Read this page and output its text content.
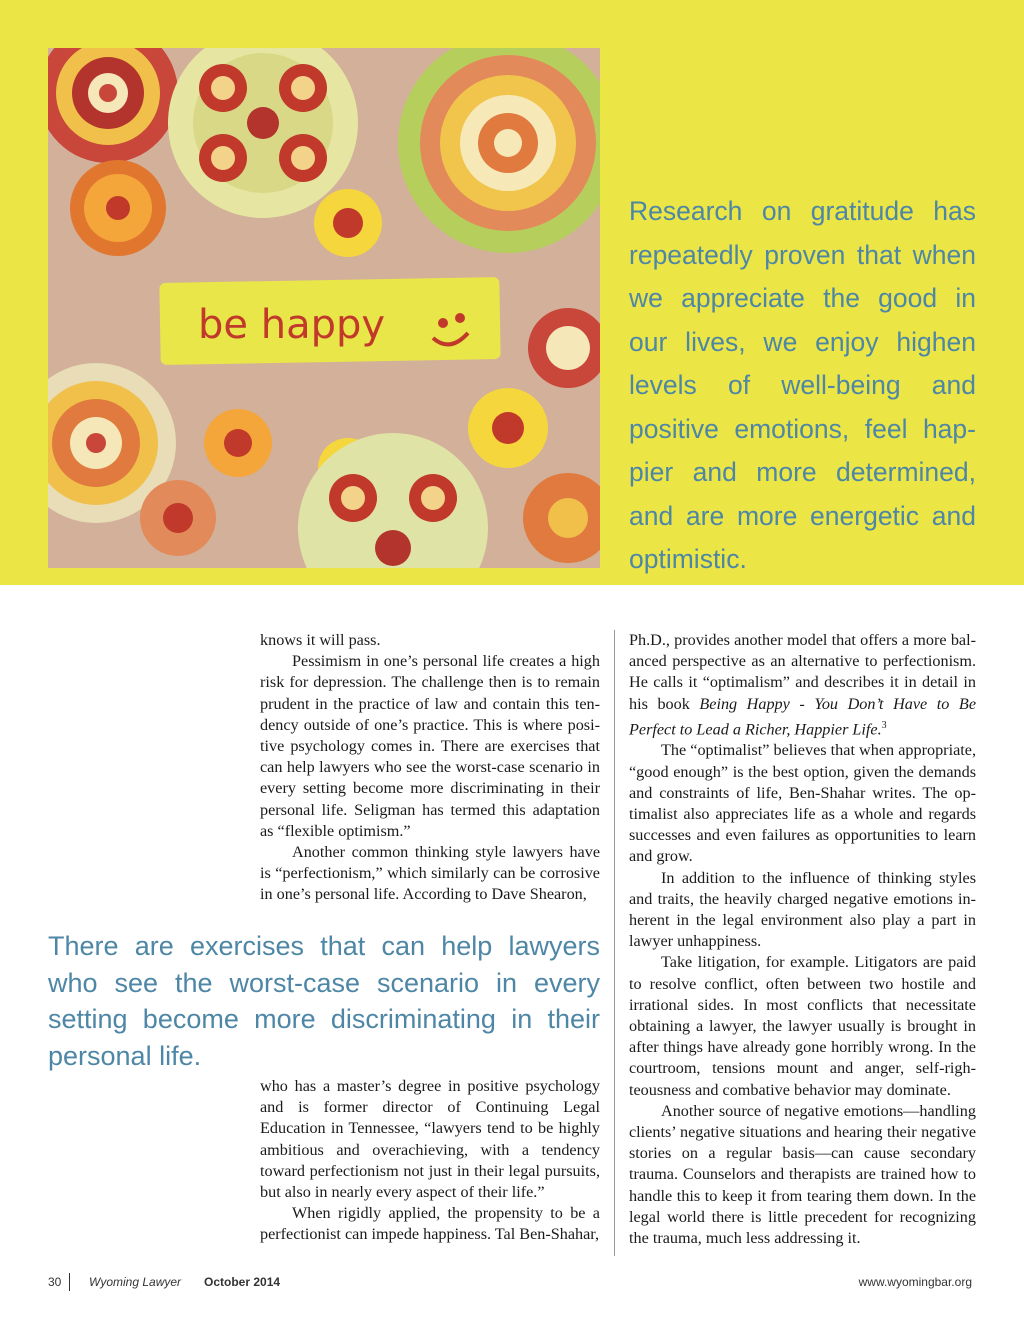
be happy

Research on gratitude has repeatedly proven that when we appreciate the good in our lives, we enjoy highen levels of well-being and positive emotions, feel happier and more determined, and are more energetic and optimistic.

knows it will pass.

Pessimism in one’s personal life creates a high risk for depression. The challenge then is to remain prudent in the practice of law and contain this tendency outside of one’s practice. This is where positive psychology comes in. There are exercises that can help lawyers who see the worst-case scenario in every setting become more discriminating in their personal life. Seligman has termed this adaptation as “flexible optimism.”

Another common thinking style lawyers have is “perfectionism,” which similarly can be corrosive in one’s personal life. According to Dave Shearon,

There are exercises that can help lawyers who see the worst-case scenario in every setting become more discriminating in their personal life.

who has a master’s degree in positive psychology and is former director of Continuing Legal Education in Tennessee, “lawyers tend to be highly ambitious and overachieving, with a tendency toward perfectionism not just in their legal pursuits, but also in nearly every aspect of their life.”

When rigidly applied, the propensity to be a perfectionist can impede happiness. Tal Ben-Shahar,

Ph.D., provides another model that offers a more balanced perspective as an alternative to perfectionism. He calls it “optimalism” and describes it in detail in his book Being Happy - You Don’t Have to Be Perfect to Lead a Richer, Happier Life.$^3$

The “optimalist” believes that when appropriate, “good enough” is the best option, given the demands and constraints of life, Ben-Shahar writes. The optimalist also appreciates life as a whole and regards successes and even failures as opportunities to learn and grow.

In addition to the influence of thinking styles and traits, the heavily charged negative emotions inherent in the legal environment also play a part in lawyer unhappiness.

Take litigation, for example. Litigators are paid to resolve conflict, often between two hostile and irrational sides. In most conflicts that necessitate obtaining a lawyer, the lawyer usually is brought in after things have already gone horribly wrong. In the courtroom, tensions mount and anger, self-righteousness and combative behavior may dominate.

Another source of negative emotions—handling clients’ negative situations and hearing their negative stories on a regular basis—can cause secondary trauma. Counselors and therapists are trained how to handle this to keep it from tearing them down. In the legal world there is little precedent for recognizing the trauma, much less addressing it.

30 Wyoming Lawyer October 2014	www.wyomingbar.org
